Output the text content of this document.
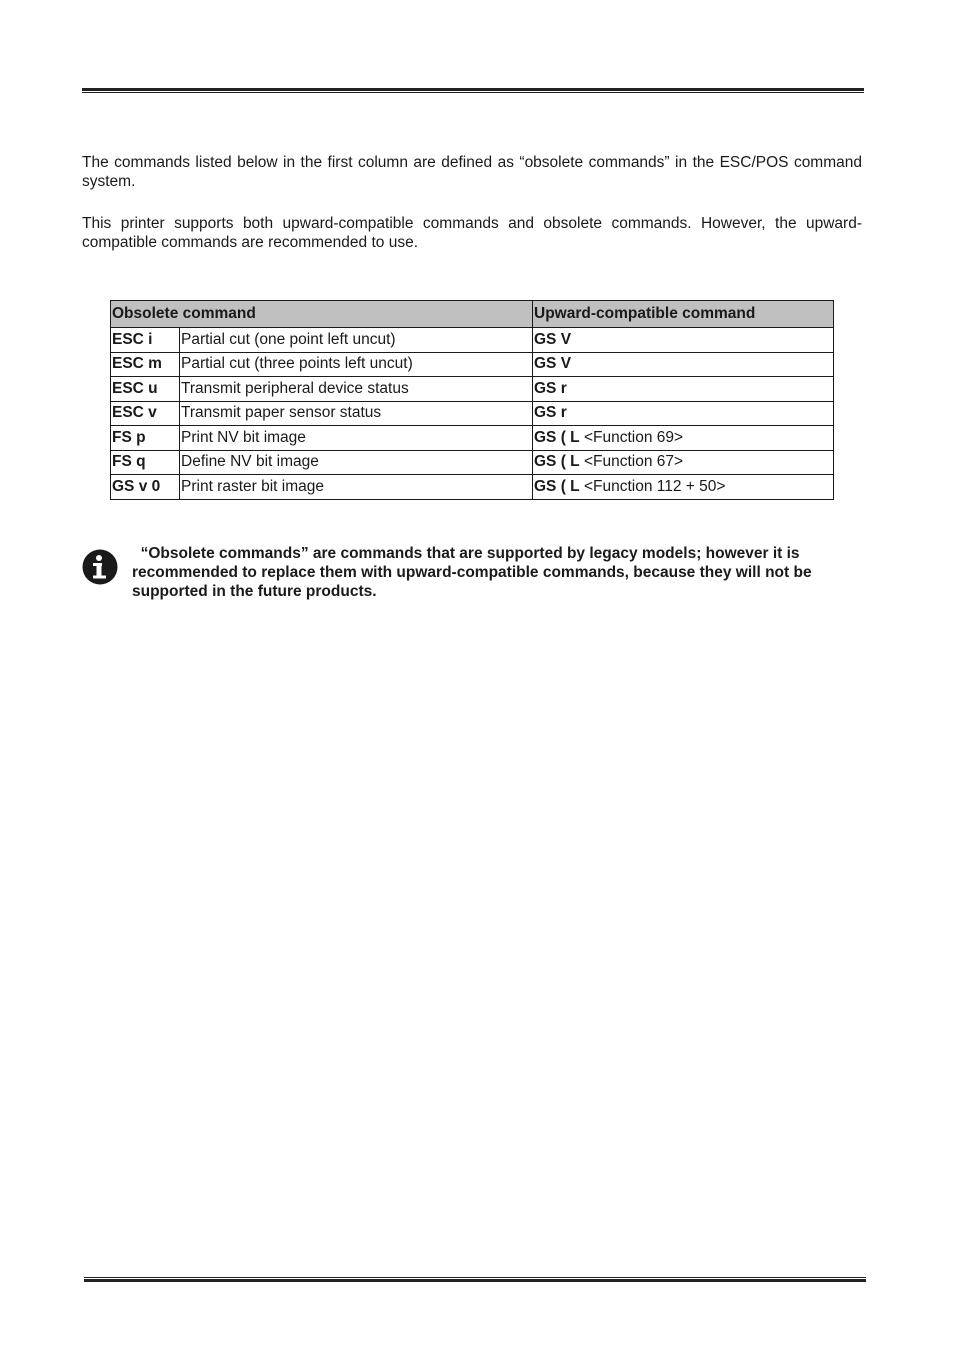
The commands listed below in the first column are defined as “obsolete commands” in the ESC/POS command system.

This printer supports both upward-compatible commands and obsolete commands. However, the upward-compatible commands are recommended to use.

Obsolete command		Upward-compatible command
ESC i	Partial cut (one point left uncut)	GS V
ESC m	Partial cut (three points left uncut)	GS V
ESC u	Transmit peripheral device status	GS r
ESC v	Transmit paper sensor status	GS r
FS p	Print NV bit image	GS ( L <Function 69>
FS q	Define NV bit image	GS ( L <Function 67>
GS v 0	Print raster bit image	GS ( L <Function 112 + 50>

“Obsolete commands” are commands that are supported by legacy models; however it is recommended to replace them with upward-compatible commands, because they will not be supported in the future products.
